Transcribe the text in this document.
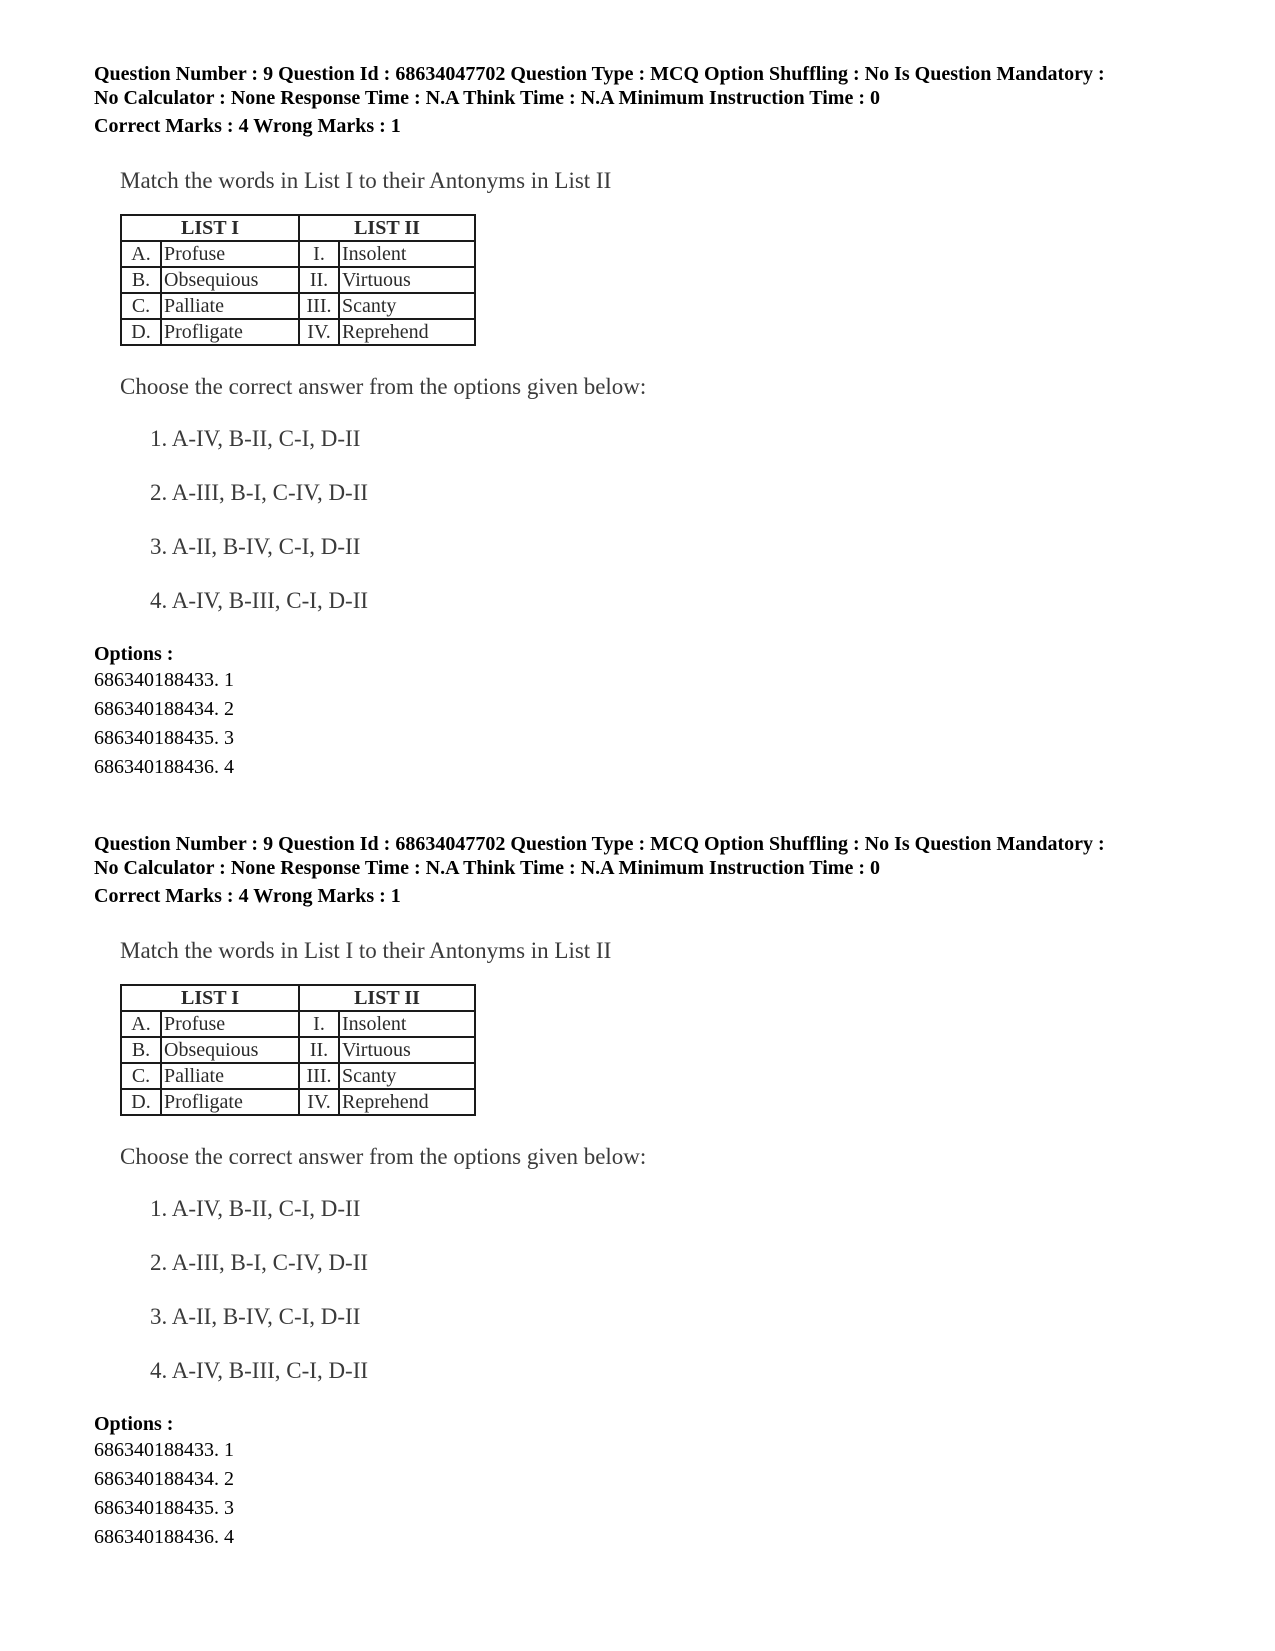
Question Number : 9 Question Id : 68634047702 Question Type : MCQ Option Shuffling : No Is Question Mandatory :
No Calculator : None Response Time : N.A Think Time : N.A Minimum Instruction Time : 0
Correct Marks : 4 Wrong Marks : 1
Match the words in List I to their Antonyms in List II
LIST I		LIST II	
A.	Profuse	I.	Insolent
B.	Obsequious	II.	Virtuous
C.	Palliate	III.	Scanty
D.	Profligate	IV.	Reprehend
Choose the correct answer from the options given below:
1. A-IV, B-II, C-I, D-II
2. A-III, B-I, C-IV, D-II
3. A-II, B-IV, C-I, D-II
4. A-IV, B-III, C-I, D-II
Options :
686340188433. 1
686340188434. 2
686340188435. 3
686340188436. 4
Question Number : 9 Question Id : 68634047702 Question Type : MCQ Option Shuffling : No Is Question Mandatory :
No Calculator : None Response Time : N.A Think Time : N.A Minimum Instruction Time : 0
Correct Marks : 4 Wrong Marks : 1
Match the words in List I to their Antonyms in List II
LIST I		LIST II	
A.	Profuse	I.	Insolent
B.	Obsequious	II.	Virtuous
C.	Palliate	III.	Scanty
D.	Profligate	IV.	Reprehend
Choose the correct answer from the options given below:
1. A-IV, B-II, C-I, D-II
2. A-III, B-I, C-IV, D-II
3. A-II, B-IV, C-I, D-II
4. A-IV, B-III, C-I, D-II
Options :
686340188433. 1
686340188434. 2
686340188435. 3
686340188436. 4
